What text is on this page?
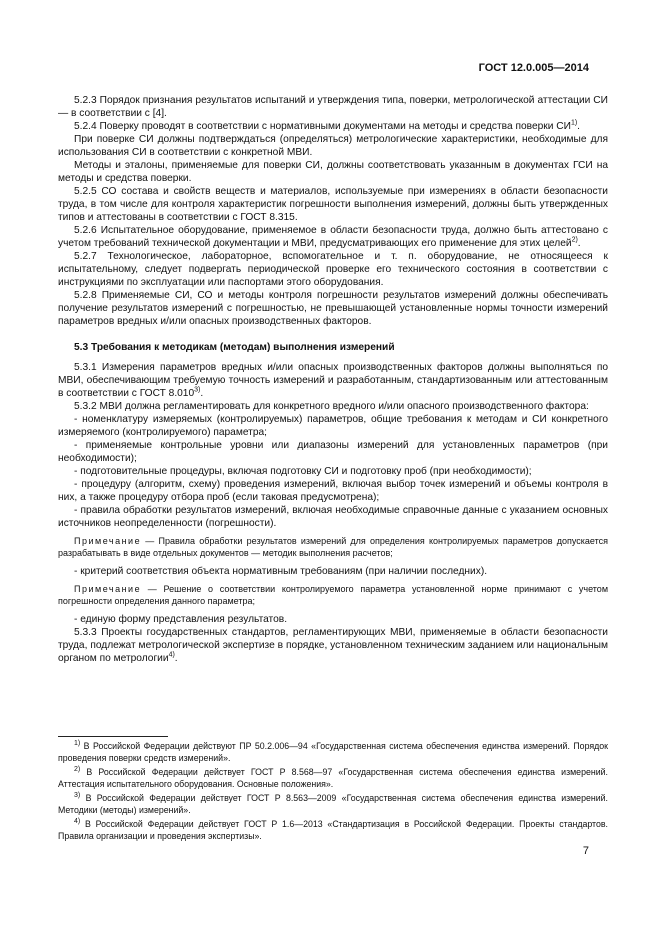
ГОСТ 12.0.005—2014

5.2.3 Порядок признания результатов испытаний и утверждения типа, поверки, метрологической аттестации СИ — в соответствии с [4].

5.2.4 Поверку проводят в соответствии с нормативными документами на методы и средства поверки СИ$^{1)}$.

При поверке СИ должны подтверждаться (определяться) метрологические характеристики, необходимые для использования СИ в соответствии с конкретной МВИ.

Методы и эталоны, применяемые для поверки СИ, должны соответствовать указанным в документах ГСИ на методы и средства поверки.

5.2.5 СО состава и свойств веществ и материалов, используемые при измерениях в области безопасности труда, в том числе для контроля характеристик погрешности выполнения измерений, должны быть утвержденных типов и аттестованы в соответствии с ГОСТ 8.315.

5.2.6 Испытательное оборудование, применяемое в области безопасности труда, должно быть аттестовано с учетом требований технической документации и МВИ, предусматривающих его применение для этих целей$^{2)}$.

5.2.7 Технологическое, лабораторное, вспомогательное и т. п. оборудование, не относящееся к испытательному, следует подвергать периодической проверке его технического состояния в соответствии с инструкциями по эксплуатации или паспортами этого оборудования.

5.2.8 Применяемые СИ, СО и методы контроля погрешности результатов измерений должны обеспечивать получение результатов измерений с погрешностью, не превышающей установленные нормы точности измерений параметров вредных и/или опасных производственных факторов.

5.3 Требования к методикам (методам) выполнения измерений

5.3.1 Измерения параметров вредных и/или опасных производственных факторов должны выполняться по МВИ, обеспечивающим требуемую точность измерений и разработанным, стандартизованным или аттестованным в соответствии с ГОСТ 8.010$^{3)}$.

5.3.2 МВИ должна регламентировать для конкретного вредного и/или опасного производственного фактора:

- номенклатуру измеряемых (контролируемых) параметров, общие требования к методам и СИ конкретного измеряемого (контролируемого) параметра;

- применяемые контрольные уровни или диапазоны измерений для установленных параметров (при необходимости);

- подготовительные процедуры, включая подготовку СИ и подготовку проб (при необходимости);

- процедуру (алгоритм, схему) проведения измерений, включая выбор точек измерений и объемы контроля в них, а также процедуру отбора проб (если таковая предусмотрена);

- правила обработки результатов измерений, включая необходимые справочные данные с указанием основных источников неопределенности (погрешности).

Примечание — Правила обработки результатов измерений для определения контролируемых параметров допускается разрабатывать в виде отдельных документов — методик выполнения расчетов;

- критерий соответствия объекта нормативным требованиям (при наличии последних).

Примечание — Решение о соответствии контролируемого параметра установленной норме принимают с учетом погрешности определения данного параметра;

- единую форму представления результатов.

5.3.3 Проекты государственных стандартов, регламентирующих МВИ, применяемые в области безопасности труда, подлежат метрологической экспертизе в порядке, установленном техническим заданием или национальным органом по метрологии$^{4)}$.

$^{1)}$ В Российской Федерации действуют ПР 50.2.006—94 «Государственная система обеспечения единства измерений. Порядок проведения поверки средств измерений».

$^{2)}$ В Российской Федерации действует ГОСТ Р 8.568—97 «Государственная система обеспечения единства измерений. Аттестация испытательного оборудования. Основные положения».

$^{3)}$ В Российской Федерации действует ГОСТ Р 8.563—2009 «Государственная система обеспечения единства измерений. Методики (методы) измерений».

$^{4)}$ В Российской Федерации действует ГОСТ Р 1.6—2013 «Стандартизация в Российской Федерации. Проекты стандартов. Правила организации и проведения экспертизы».

7
